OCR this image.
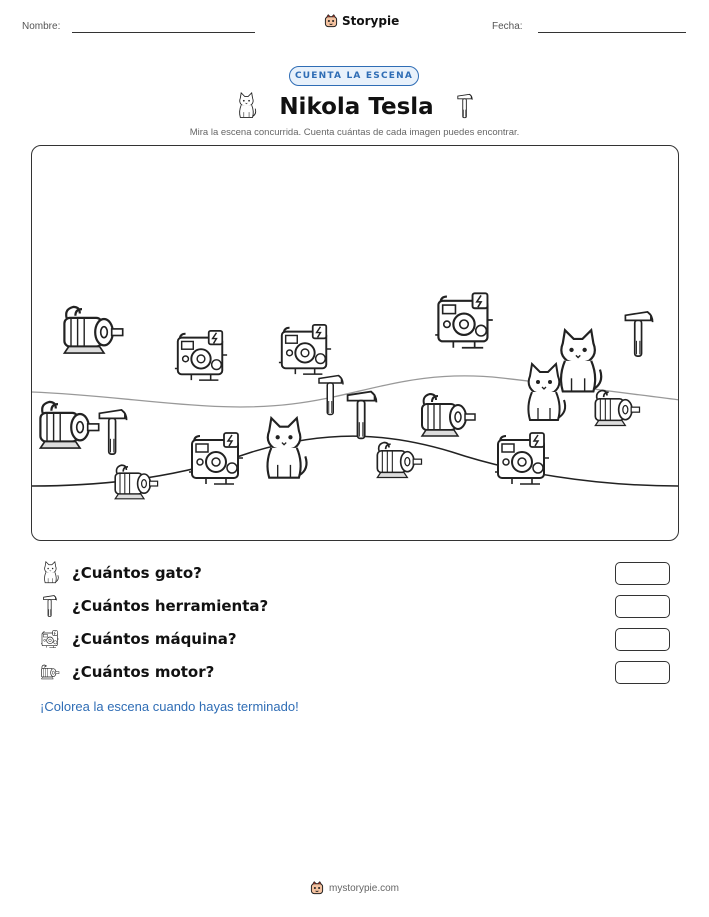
Nombre:	Storypie	Fecha:
CUENTA LA ESCENA
Nikola Tesla
Mira la escena concurrida. Cuenta cuántas de cada imagen puedes encontrar.
¿Cuántos gato?
¿Cuántos herramienta?
¿Cuántos máquina?
¿Cuántos motor?
¡Colorea la escena cuando hayas terminado!
mystorypie.com
